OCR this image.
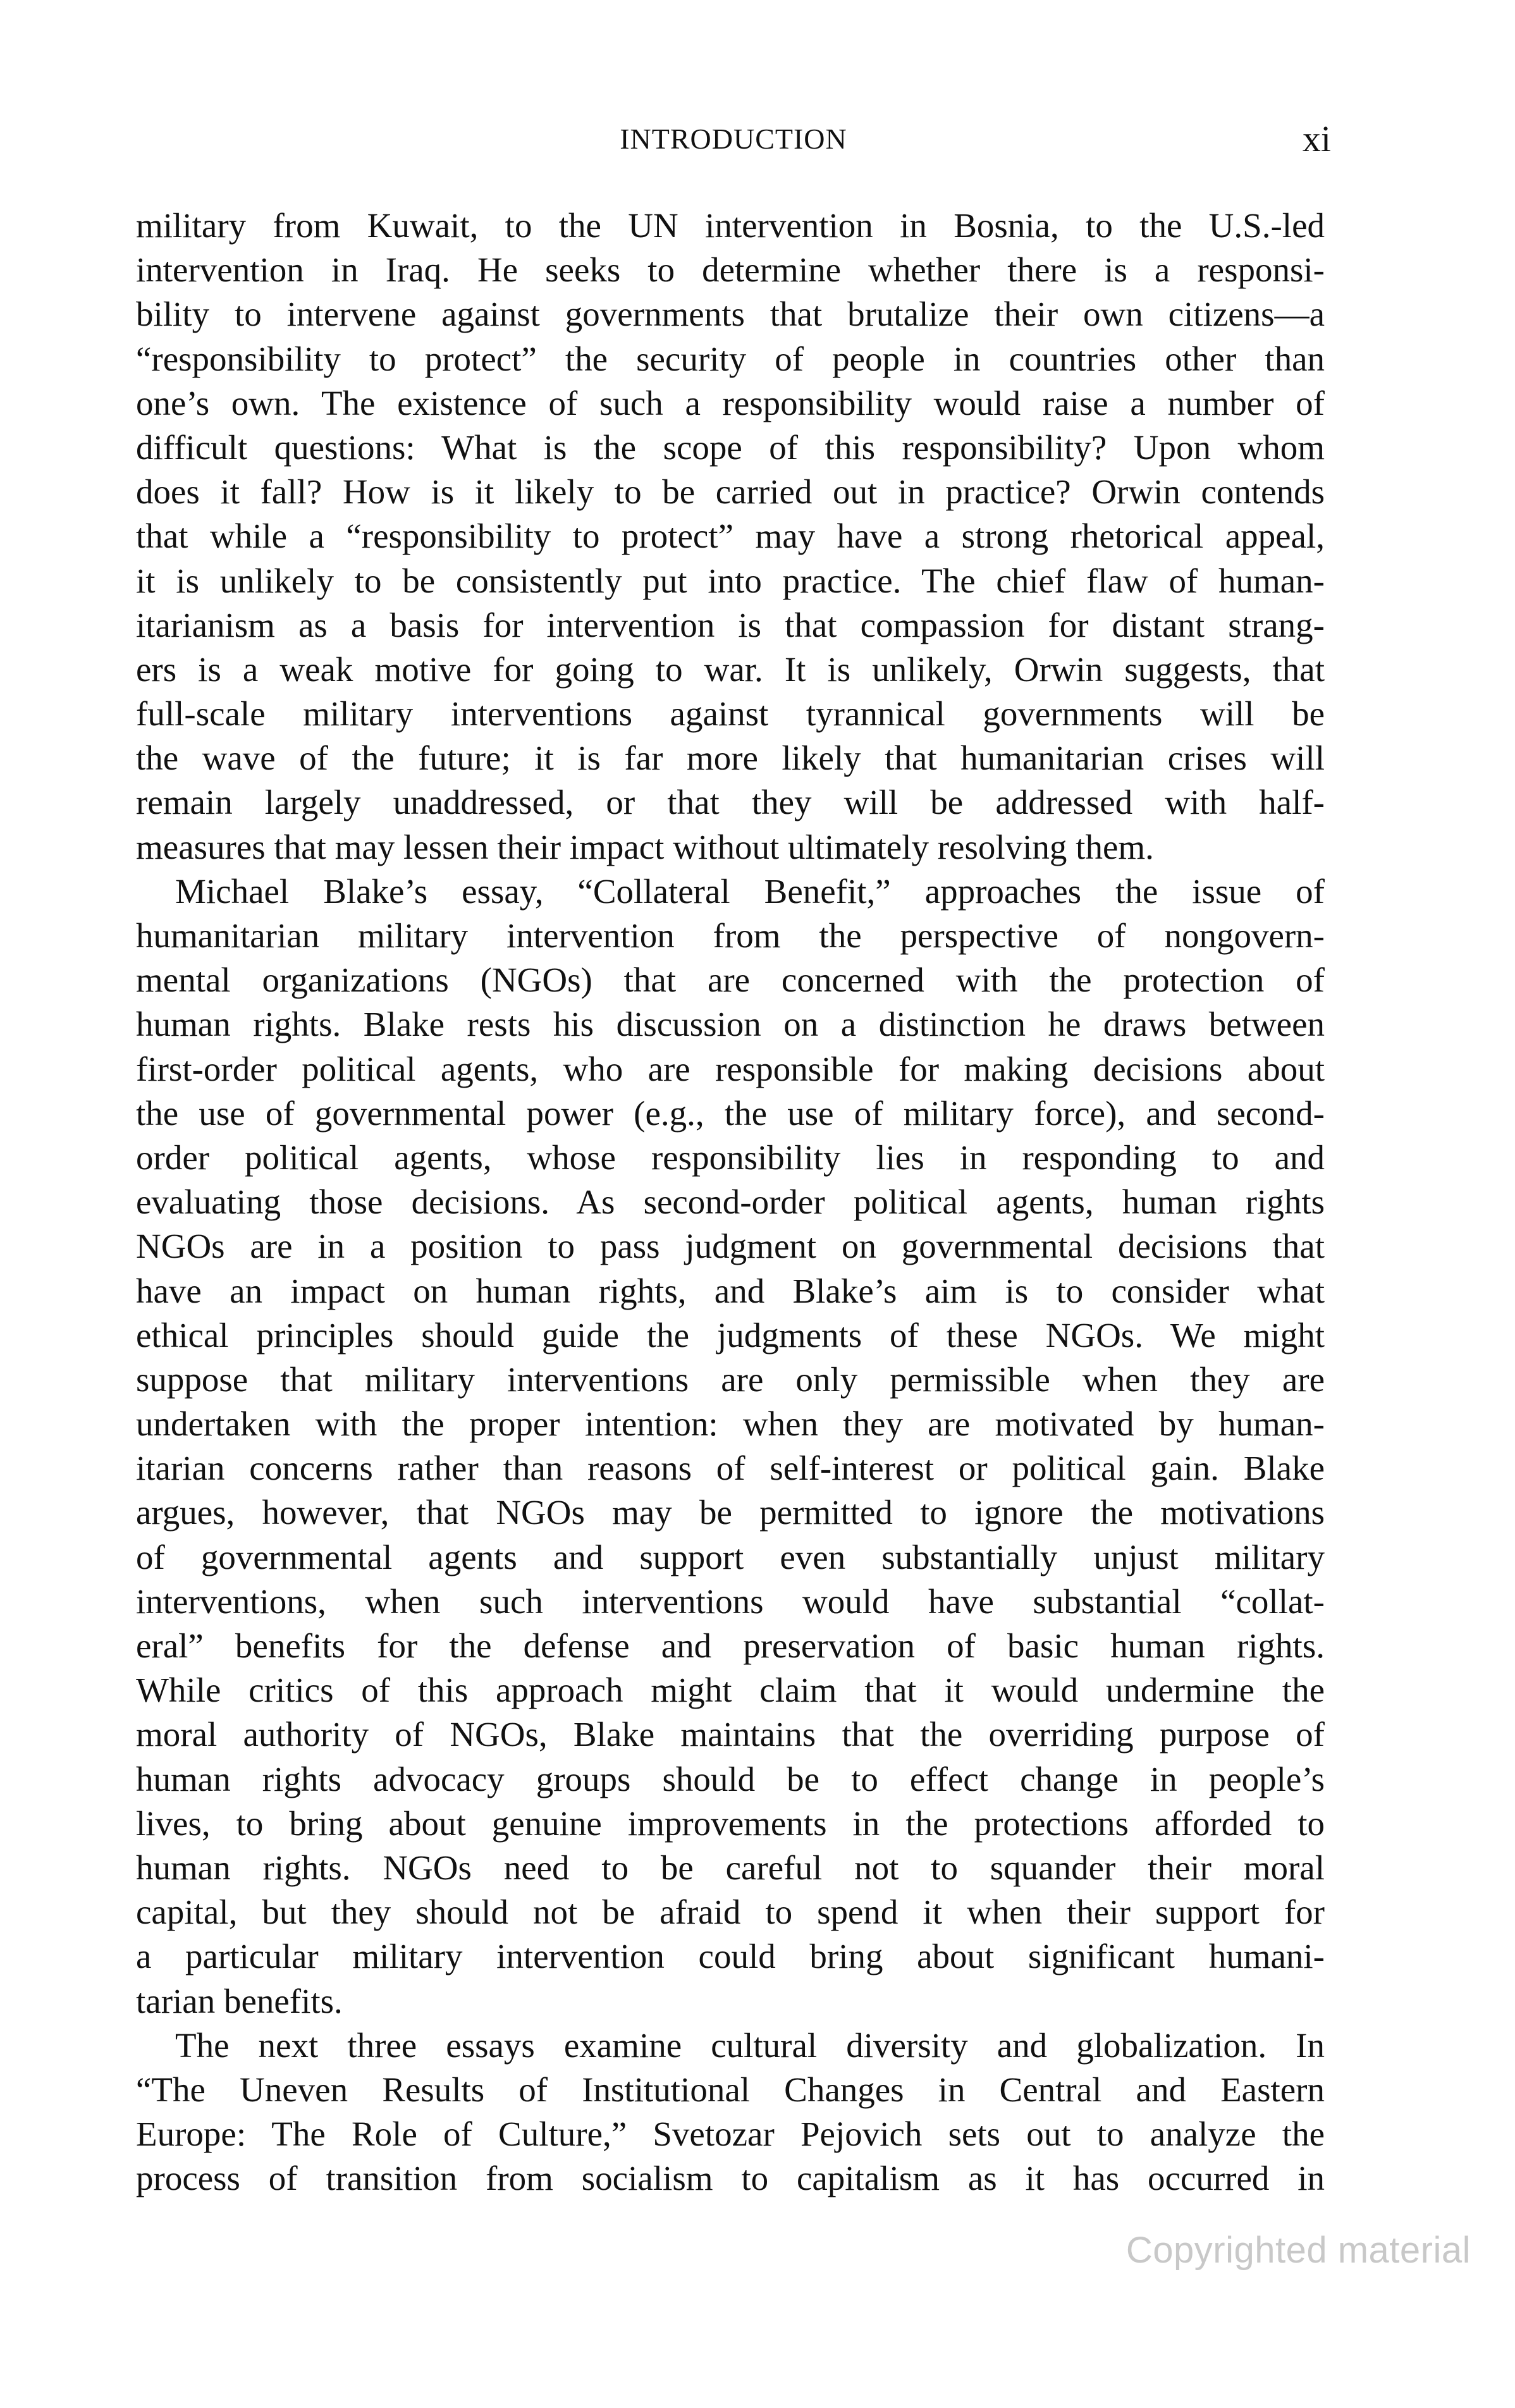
INTRODUCTION	xi
military from Kuwait, to the UN intervention in Bosnia, to the U.S.-led
intervention in Iraq. He seeks to determine whether there is a responsi-
bility to intervene against governments that brutalize their own citizens—a
“responsibility to protect” the security of people in countries other than
one’s own. The existence of such a responsibility would raise a number of
difficult questions: What is the scope of this responsibility? Upon whom
does it fall? How is it likely to be carried out in practice? Orwin contends
that while a “responsibility to protect” may have a strong rhetorical appeal,
it is unlikely to be consistently put into practice. The chief flaw of human-
itarianism as a basis for intervention is that compassion for distant strang-
ers is a weak motive for going to war. It is unlikely, Orwin suggests, that
full-scale military interventions against tyrannical governments will be
the wave of the future; it is far more likely that humanitarian crises will
remain largely unaddressed, or that they will be addressed with half-
measures that may lessen their impact without ultimately resolving them.
Michael Blake’s essay, “Collateral Benefit,” approaches the issue of
humanitarian military intervention from the perspective of nongovern-
mental organizations (NGOs) that are concerned with the protection of
human rights. Blake rests his discussion on a distinction he draws between
first-order political agents, who are responsible for making decisions about
the use of governmental power (e.g., the use of military force), and second-
order political agents, whose responsibility lies in responding to and
evaluating those decisions. As second-order political agents, human rights
NGOs are in a position to pass judgment on governmental decisions that
have an impact on human rights, and Blake’s aim is to consider what
ethical principles should guide the judgments of these NGOs. We might
suppose that military interventions are only permissible when they are
undertaken with the proper intention: when they are motivated by human-
itarian concerns rather than reasons of self-interest or political gain. Blake
argues, however, that NGOs may be permitted to ignore the motivations
of governmental agents and support even substantially unjust military
interventions, when such interventions would have substantial “collat-
eral” benefits for the defense and preservation of basic human rights.
While critics of this approach might claim that it would undermine the
moral authority of NGOs, Blake maintains that the overriding purpose of
human rights advocacy groups should be to effect change in people’s
lives, to bring about genuine improvements in the protections afforded to
human rights. NGOs need to be careful not to squander their moral
capital, but they should not be afraid to spend it when their support for
a particular military intervention could bring about significant humani-
tarian benefits.
The next three essays examine cultural diversity and globalization. In
“The Uneven Results of Institutional Changes in Central and Eastern
Europe: The Role of Culture,” Svetozar Pejovich sets out to analyze the
process of transition from socialism to capitalism as it has occurred in
Copyrighted material
